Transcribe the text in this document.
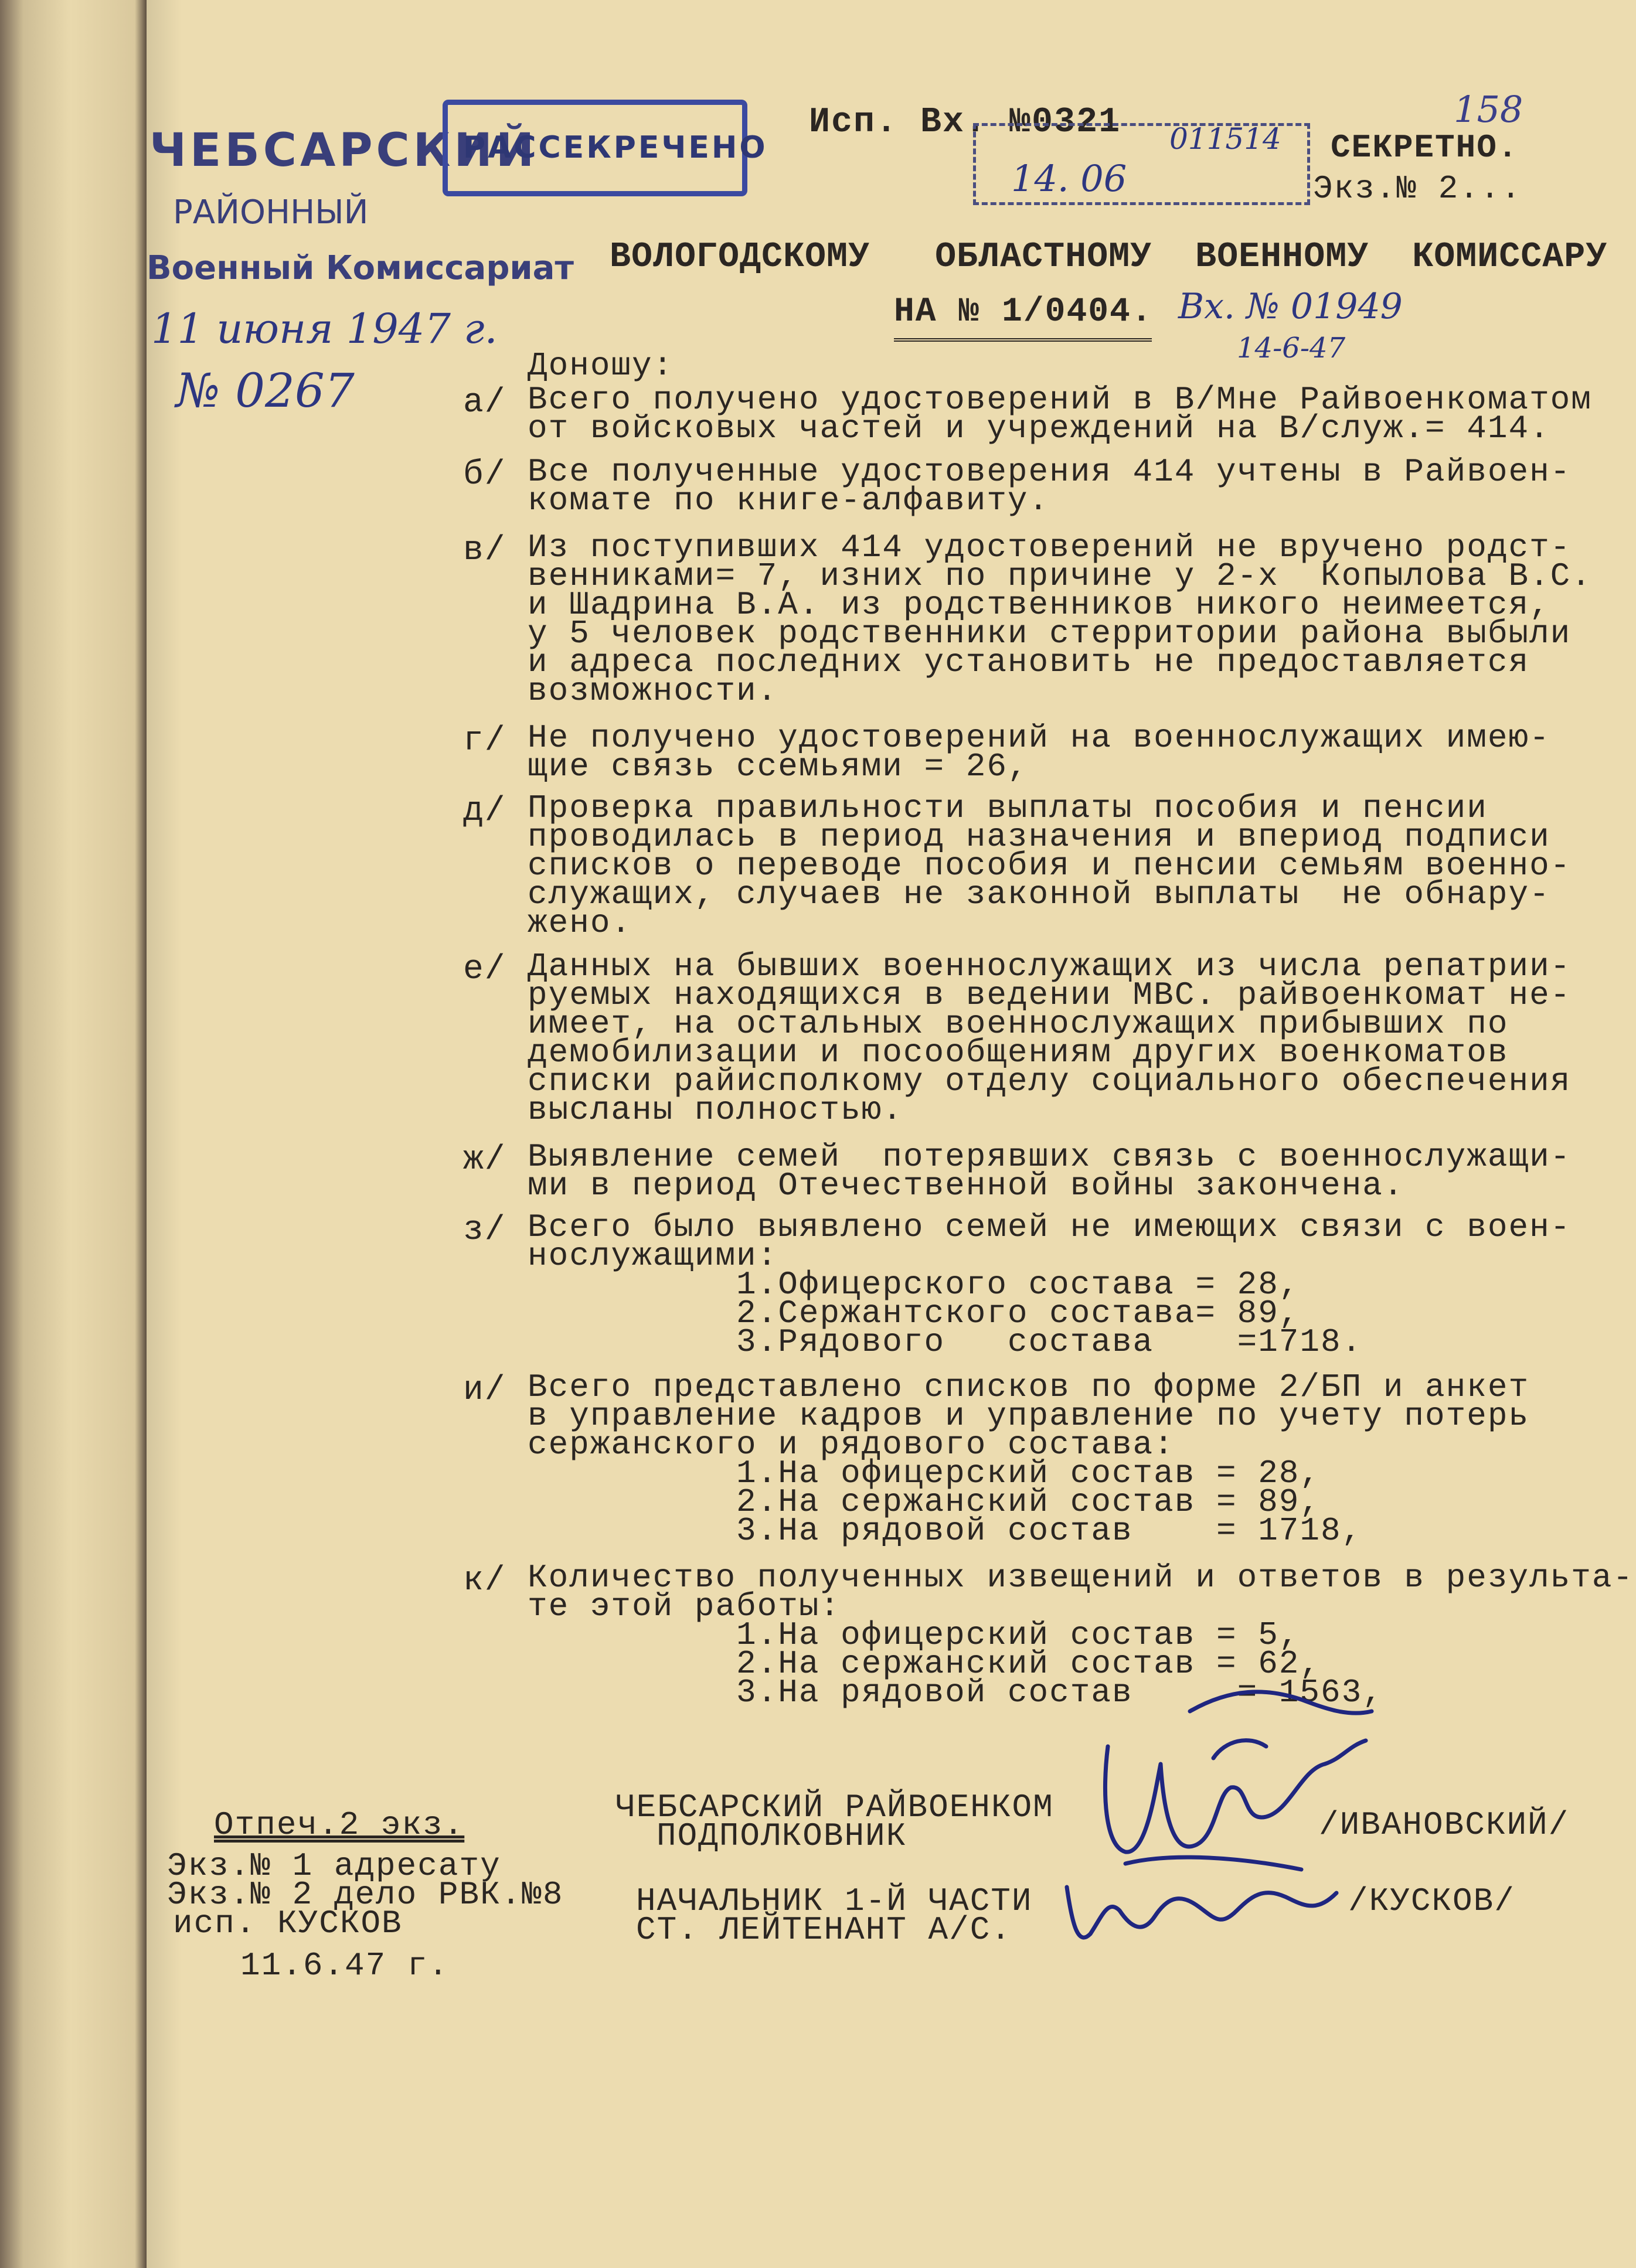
158
ЧЕБСАРСКИЙ
РАЙОННЫЙ
Военный Комиссариат
11 июня 1947 г.
№ 0267
РАССЕКРЕЧЕНО
Исп. Вх. №0321 011514
14. 06
СЕКРЕТНО.
Экз.№ 2...
ВОЛОГОДСКОМУ   ОБЛАСТНОМУ  ВОЕННОМУ  КОМИССАРУ
НА № 1/0404. Вх. № 01949
14-6-47
Доношу:
а/ Всего получено удостоверений в В/Мне Райвоенкоматом
от войсковых частей и учреждений на В/служ.= 414.
б/ Все полученные удостоверения 414 учтены в Райвоен-
комате по книге-алфавиту.
в/ Из поступивших 414 удостоверений не вручено родст-
венниками= 7, изних по причине у 2-х  Копылова В.С.
и Шадрина В.А. из родственников никого неимеется,
у 5 человек родственники стерритории района выбыли
и адреса последних установить не предоставляется
возможности.
г/ Не получено удостоверений на военнослужащих имею-
щие связь ссемьями = 26,
д/ Проверка правильности выплаты пособия и пенсии
проводилась в период назначения и впериод подписи
списков о переводе пособия и пенсии семьям военно-
служащих, случаев не законной выплаты  не обнару-
жено.
е/ Данных на бывших военнослужащих из числа репатрии-
руемых находящихся в ведении МВС. райвоенкомат не-
имеет, на остальных военнослужащих прибывших по
демобилизации и посообщениям других военкоматов
списки райисполкому отделу социального обеспечения
высланы полностью.
ж/ Выявление семей  потерявших связь с военнослужащи-
ми в период Отечественной войны закончена.
з/ Всего было выявлено семей не имеющих связи с воен-
нослужащими:
1.Офицерского состава = 28,
2.Сержантского состава= 89,
3.Рядового   состава    =1718.
и/ Всего представлено списков по форме 2/БП и анкет
в управление кадров и управление по учету потерь
сержанского и рядового состава:
1.На офицерский состав = 28,
2.На сержанский состав = 89,
3.На рядовой состав    = 1718,
к/ Количество полученных извещений и ответов в результа-
те этой работы:
1.На офицерский состав = 5,
2.На сержанский состав = 62,
3.На рядовой состав     = 1563,
Отпеч.2 экз.
Экз.№ 1 адресату
Экз.№ 2 дело РВК.№8
исп. КУСКОВ
11.6.47 г.
ЧЕБСАРСКИЙ РАЙВОЕНКОМ
ПОДПОЛКОВНИК	/ИВАНОВСКИЙ/
НАЧАЛЬНИК 1-Й ЧАСТИ
СТ. ЛЕЙТЕНАНТ А/С.
/КУСКОВ/
